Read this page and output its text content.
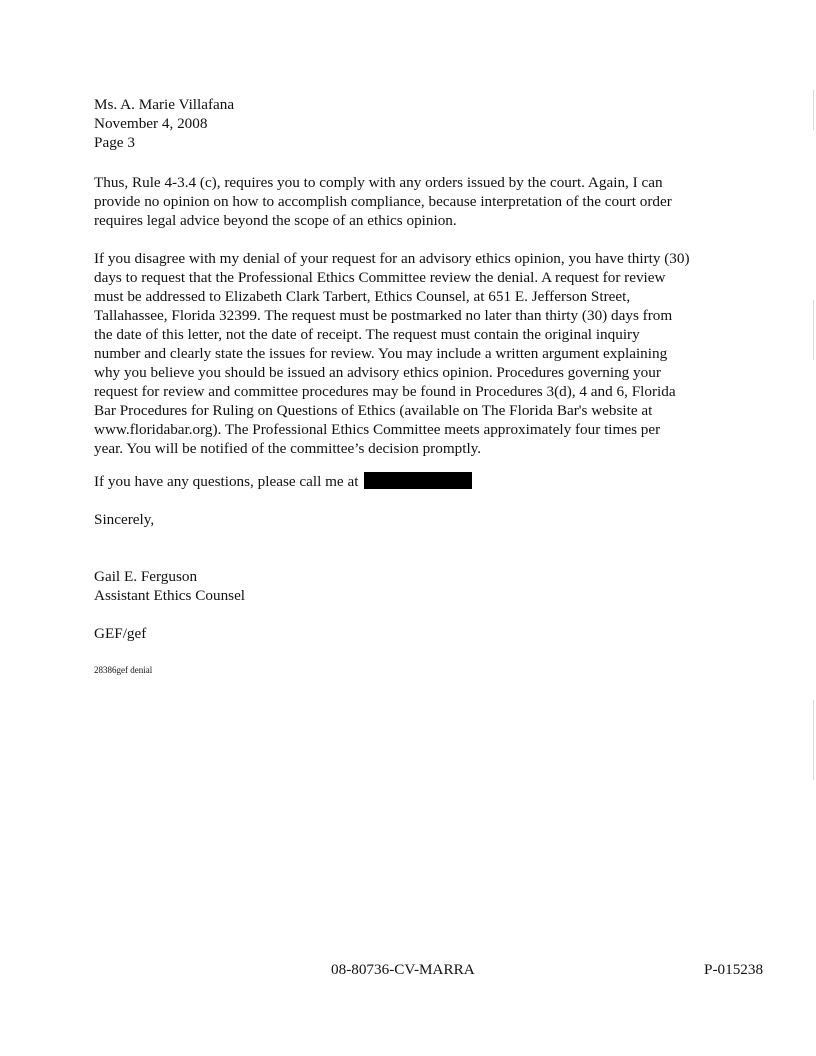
Ms. A. Marie Villafana
November 4, 2008
Page 3
Thus, Rule 4-3.4 (c), requires you to comply with any orders issued by the court. Again, I can
provide no opinion on how to accomplish compliance, because interpretation of the court order
requires legal advice beyond the scope of an ethics opinion.
If you disagree with my denial of your request for an advisory ethics opinion, you have thirty (30)
days to request that the Professional Ethics Committee review the denial. A request for review
must be addressed to Elizabeth Clark Tarbert, Ethics Counsel, at 651 E. Jefferson Street,
Tallahassee, Florida 32399. The request must be postmarked no later than thirty (30) days from
the date of this letter, not the date of receipt. The request must contain the original inquiry
number and clearly state the issues for review. You may include a written argument explaining
why you believe you should be issued an advisory ethics opinion. Procedures governing your
request for review and committee procedures may be found in Procedures 3(d), 4 and 6, Florida
Bar Procedures for Ruling on Questions of Ethics (available on The Florida Bar's website at
www.floridabar.org). The Professional Ethics Committee meets approximately four times per
year. You will be notified of the committee’s decision promptly.
If you have any questions, please call me at
Sincerely,
Gail E. Ferguson
Assistant Ethics Counsel
GEF/gef
28386gef denial
08-80736-CV-MARRA	P-015238
